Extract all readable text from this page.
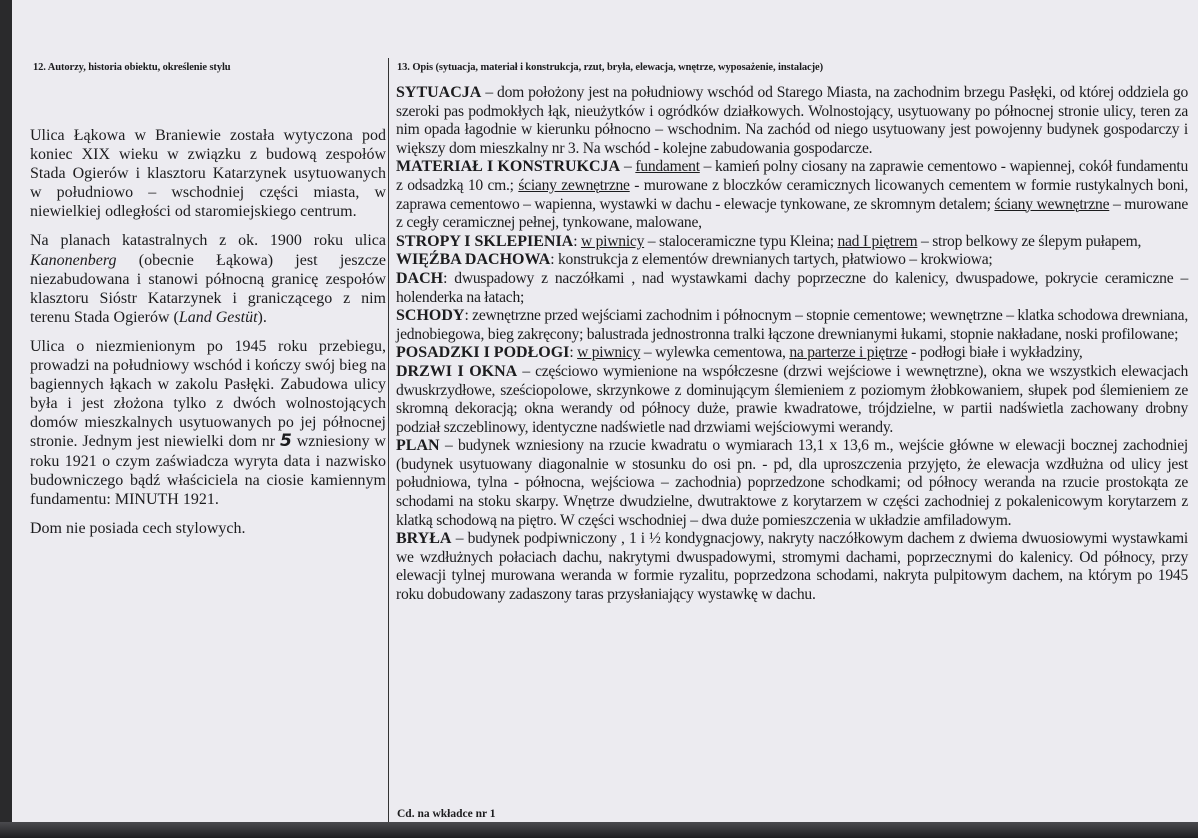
12. Autorzy, historia obiektu, określenie stylu

Ulica Łąkowa w Braniewie została wytyczona pod koniec XIX wieku w związku z budową zespołów Stada Ogierów i klasztoru Katarzynek usytuowanych w południowo – wschodniej części miasta, w niewielkiej odległości od staromiejskiego centrum.

Na planach katastralnych z ok. 1900 roku ulica Kanonenberg (obecnie Łąkowa) jest jeszcze niezabudowana i stanowi północną granicę zespołów klasztoru Sióstr Katarzynek i graniczącego z nim terenu Stada Ogierów (Land Gestüt).

Ulica o niezmienionym po 1945 roku przebiegu, prowadzi na południowy wschód i kończy swój bieg na bagiennych łąkach w zakolu Pasłęki. Zabudowa ulicy była i jest złożona tylko z dwóch wolnostojących domów mieszkalnych usytuowanych po jej północnej stronie. Jednym jest niewielki dom nr 5 wzniesiony w roku 1921 o czym zaświadcza wyryta data i nazwisko budowniczego bądź właściciela na ciosie kamiennym fundamentu: MINUTH 1921.

Dom nie posiada cech stylowych.

13. Opis (sytuacja, materiał i konstrukcja, rzut, bryła, elewacja, wnętrze, wyposażenie, instalacje)

SYTUACJA – dom położony jest na południowy wschód od Starego Miasta, na zachodnim brzegu Pasłęki, od której oddziela go szeroki pas podmokłych łąk, nieużytków i ogródków działkowych. Wolnostojący, usytuowany po północnej stronie ulicy, teren za nim opada łagodnie w kierunku północno – wschodnim. Na zachód od niego usytuowany jest powojenny budynek gospodarczy i większy dom mieszkalny nr 3. Na wschód - kolejne zabudowania gospodarcze.

MATERIAŁ I KONSTRUKCJA – fundament – kamień polny ciosany na zaprawie cementowo - wapiennej, cokół fundamentu z odsadzką 10 cm.; ściany zewnętrzne - murowane z bloczków ceramicznych licowanych cementem w formie rustykalnych boni, zaprawa cementowo – wapienna, wystawki w dachu - elewacje tynkowane, ze skromnym detalem; ściany wewnętrzne – murowane z cegły ceramicznej pełnej, tynkowane, malowane,

STROPY I SKLEPIENIA: w piwnicy – staloceramiczne typu Kleina; nad I piętrem – strop belkowy ze ślepym pułapem,

WIĘŹBA DACHOWA: konstrukcja z elementów drewnianych tartych, płatwiowo – krokwiowa;

DACH: dwuspadowy z naczółkami , nad wystawkami dachy poprzeczne do kalenicy, dwuspadowe, pokrycie ceramiczne – holenderka na łatach;

SCHODY: zewnętrzne przed wejściami zachodnim i północnym – stopnie cementowe; wewnętrzne – klatka schodowa drewniana, jednobiegowa, bieg zakręcony; balustrada jednostronna tralki łączone drewnianymi łukami, stopnie nakładane, noski profilowane;

POSADZKI I PODŁOGI: w piwnicy – wylewka cementowa, na parterze i piętrze - podłogi białe i wykładziny,

DRZWI I OKNA – częściowo wymienione na współczesne (drzwi wejściowe i wewnętrzne), okna we wszystkich elewacjach dwuskrzydłowe, sześciopolowe, skrzynkowe z dominującym ślemieniem z poziomym żłobkowaniem, słupek pod ślemieniem ze skromną dekoracją; okna werandy od północy duże, prawie kwadratowe, trójdzielne, w partii nadświetla zachowany drobny podział szczeblinowy, identyczne nadświetle nad drzwiami wejściowymi werandy.

PLAN – budynek wzniesiony na rzucie kwadratu o wymiarach 13,1 x 13,6 m., wejście główne w elewacji bocznej zachodniej (budynek usytuowany diagonalnie w stosunku do osi pn. - pd, dla uproszczenia przyjęto, że elewacja wzdłużna od ulicy jest południowa, tylna - północna, wejściowa – zachodnia) poprzedzone schodkami; od północy weranda na rzucie prostokąta ze schodami na stoku skarpy. Wnętrze dwudzielne, dwutraktowe z korytarzem w części zachodniej z pokalenicowym korytarzem z klatką schodową na piętro. W części wschodniej – dwa duże pomieszczenia w układzie amfiladowym.

BRYŁA – budynek podpiwniczony , 1 i ½ kondygnacjowy, nakryty naczółkowym dachem z dwiema dwuosiowymi wystawkami we wzdłużnych połaciach dachu, nakrytymi dwuspadowymi, stromymi dachami, poprzecznymi do kalenicy. Od północy, przy elewacji tylnej murowana weranda w formie ryzalitu, poprzedzona schodami, nakryta pulpitowym dachem, na którym po 1945 roku dobudowany zadaszony taras przysłaniający wystawkę w dachu.

Cd. na wkładce nr 1
